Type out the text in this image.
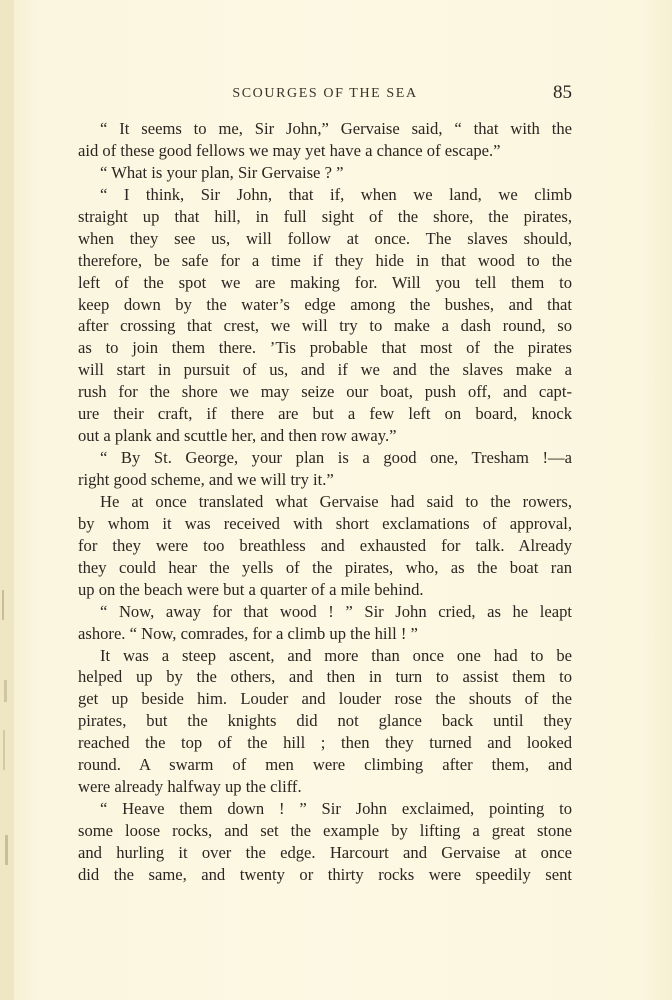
SCOURGES OF THE SEA	85
“ It seems to me, Sir John,” Gervaise said, “ that with the
aid of these good fellows we may yet have a chance of escape.”
“ What is your plan, Sir Gervaise ? ”
“ I think, Sir John, that if, when we land, we climb
straight up that hill, in full sight of the shore, the pirates,
when they see us, will follow at once. The slaves should,
therefore, be safe for a time if they hide in that wood to the
left of the spot we are making for. Will you tell them to
keep down by the water’s edge among the bushes, and that
after crossing that crest, we will try to make a dash round, so
as to join them there. ’Tis probable that most of the pirates
will start in pursuit of us, and if we and the slaves make a
rush for the shore we may seize our boat, push off, and capt-
ure their craft, if there are but a few left on board, knock
out a plank and scuttle her, and then row away.”
“ By St. George, your plan is a good one, Tresham !—a
right good scheme, and we will try it.”
He at once translated what Gervaise had said to the rowers,
by whom it was received with short exclamations of approval,
for they were too breathless and exhausted for talk. Already
they could hear the yells of the pirates, who, as the boat ran
up on the beach were but a quarter of a mile behind.
“ Now, away for that wood ! ” Sir John cried, as he leapt
ashore. “ Now, comrades, for a climb up the hill ! ”
It was a steep ascent, and more than once one had to be
helped up by the others, and then in turn to assist them to
get up beside him. Louder and louder rose the shouts of the
pirates, but the knights did not glance back until they
reached the top of the hill ; then they turned and looked
round. A swarm of men were climbing after them, and
were already halfway up the cliff.
“ Heave them down ! ” Sir John exclaimed, pointing to
some loose rocks, and set the example by lifting a great stone
and hurling it over the edge. Harcourt and Gervaise at once
did the same, and twenty or thirty rocks were speedily sent
